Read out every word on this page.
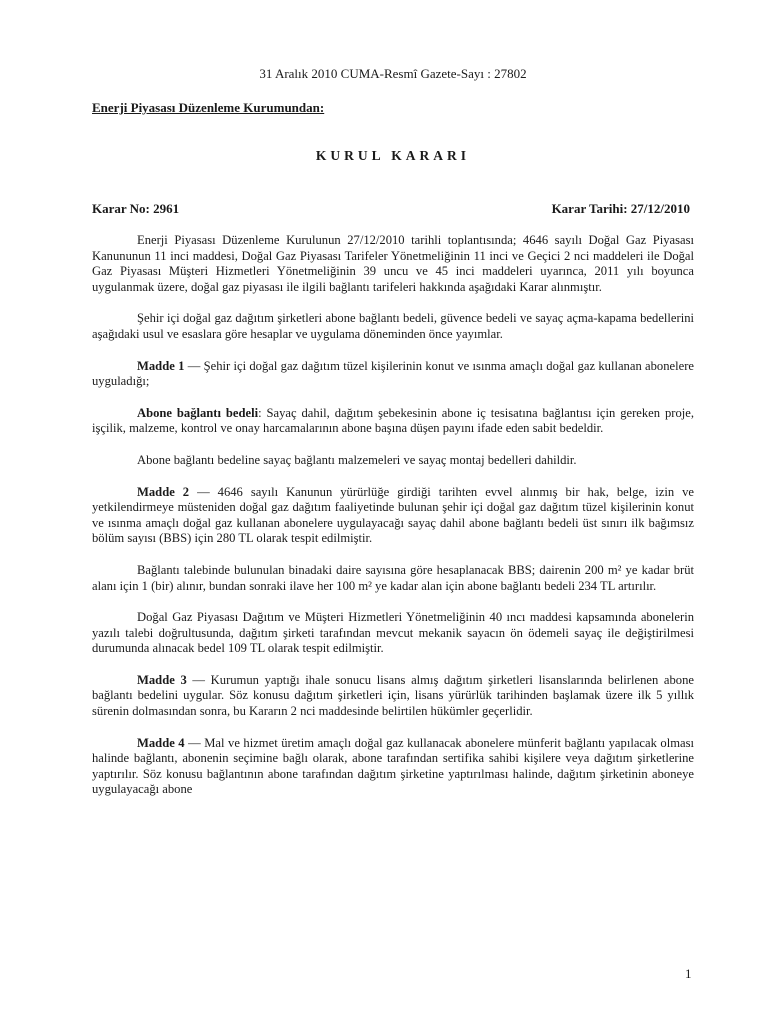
31 Aralık 2010 CUMA-Resmî Gazete-Sayı : 27802
Enerji Piyasası Düzenleme Kurumundan:
KURUL KARARI
Karar No: 2961	Karar Tarihi: 27/12/2010

Enerji Piyasası Düzenleme Kurulunun 27/12/2010 tarihli toplantısında; 4646 sayılı Doğal Gaz Piyasası Kanununun 11 inci maddesi, Doğal Gaz Piyasası Tarifeler Yönetmeliğinin 11 inci ve Geçici 2 nci maddeleri ile Doğal Gaz Piyasası Müşteri Hizmetleri Yönetmeliğinin 39 uncu ve 45 inci maddeleri uyarınca, 2011 yılı boyunca uygulanmak üzere, doğal gaz piyasası ile ilgili bağlantı tarifeleri hakkında aşağıdaki Karar alınmıştır.

Şehir içi doğal gaz dağıtım şirketleri abone bağlantı bedeli, güvence bedeli ve sayaç açma-kapama bedellerini aşağıdaki usul ve esaslara göre hesaplar ve uygulama döneminden önce yayımlar.

Madde 1 — Şehir içi doğal gaz dağıtım tüzel kişilerinin konut ve ısınma amaçlı doğal gaz kullanan abonelere uyguladığı;

Abone bağlantı bedeli: Sayaç dahil, dağıtım şebekesinin abone iç tesisatına bağlantısı için gereken proje, işçilik, malzeme, kontrol ve onay harcamalarının abone başına düşen payını ifade eden sabit bedeldir.

Abone bağlantı bedeline sayaç bağlantı malzemeleri ve sayaç montaj bedelleri dahildir.

Madde 2 — 4646 sayılı Kanunun yürürlüğe girdiği tarihten evvel alınmış bir hak, belge, izin ve yetkilendirmeye müsteniden doğal gaz dağıtım faaliyetinde bulunan şehir içi doğal gaz dağıtım tüzel kişilerinin konut ve ısınma amaçlı doğal gaz kullanan abonelere uygulayacağı sayaç dahil abone bağlantı bedeli üst sınırı ilk bağımsız bölüm sayısı (BBS) için 280 TL olarak tespit edilmiştir.

Bağlantı talebinde bulunulan binadaki daire sayısına göre hesaplanacak BBS; dairenin 200 m² ye kadar brüt alanı için 1 (bir) alınır, bundan sonraki ilave her 100 m² ye kadar alan için abone bağlantı bedeli 234 TL artırılır.

Doğal Gaz Piyasası Dağıtım ve Müşteri Hizmetleri Yönetmeliğinin 40 ıncı maddesi kapsamında abonelerin yazılı talebi doğrultusunda, dağıtım şirketi tarafından mevcut mekanik sayacın ön ödemeli sayaç ile değiştirilmesi durumunda alınacak bedel 109 TL olarak tespit edilmiştir.

Madde 3 — Kurumun yaptığı ihale sonucu lisans almış dağıtım şirketleri lisanslarında belirlenen abone bağlantı bedelini uygular. Söz konusu dağıtım şirketleri için, lisans yürürlük tarihinden başlamak üzere ilk 5 yıllık sürenin dolmasından sonra, bu Kararın 2 nci maddesinde belirtilen hükümler geçerlidir.

Madde 4 — Mal ve hizmet üretim amaçlı doğal gaz kullanacak abonelere münferit bağlantı yapılacak olması halinde bağlantı, abonenin seçimine bağlı olarak, abone tarafından sertifika sahibi kişilere veya dağıtım şirketlerine yaptırılır. Söz konusu bağlantının abone tarafından dağıtım şirketine yaptırılması halinde, dağıtım şirketinin aboneye uygulayacağı abone

1
